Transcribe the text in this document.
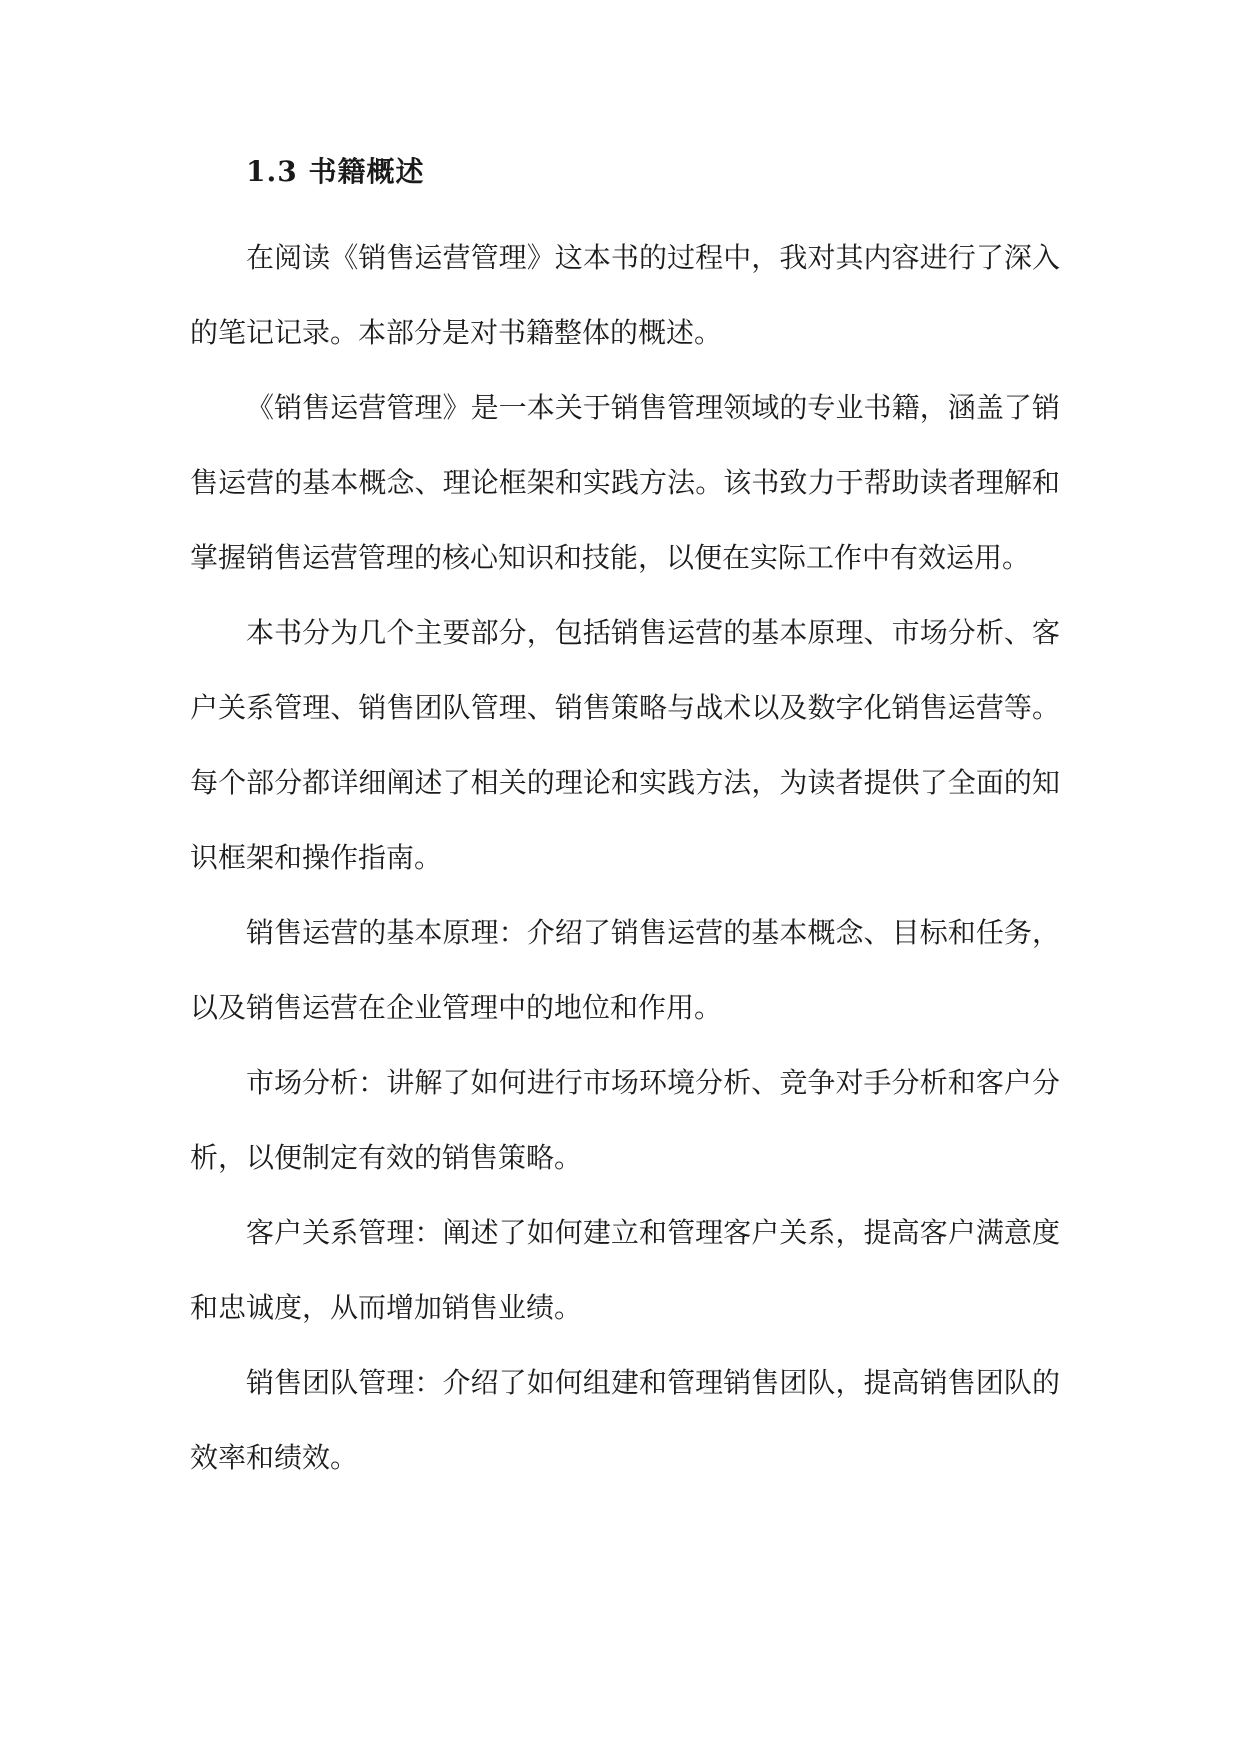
1.3 书籍概述

在阅读《销售运营管理》这本书的过程中，我对其内容进行了深入的笔记记录。本部分是对书籍整体的概述。

《销售运营管理》是一本关于销售管理领域的专业书籍，涵盖了销售运营的基本概念、理论框架和实践方法。该书致力于帮助读者理解和掌握销售运营管理的核心知识和技能，以便在实际工作中有效运用。

本书分为几个主要部分，包括销售运营的基本原理、市场分析、客户关系管理、销售团队管理、销售策略与战术以及数字化销售运营等。每个部分都详细阐述了相关的理论和实践方法，为读者提供了全面的知识框架和操作指南。

销售运营的基本原理：介绍了销售运营的基本概念、目标和任务，以及销售运营在企业管理中的地位和作用。

市场分析：讲解了如何进行市场环境分析、竞争对手分析和客户分析，以便制定有效的销售策略。

客户关系管理：阐述了如何建立和管理客户关系，提高客户满意度和忠诚度，从而增加销售业绩。

销售团队管理：介绍了如何组建和管理销售团队，提高销售团队的效率和绩效。
